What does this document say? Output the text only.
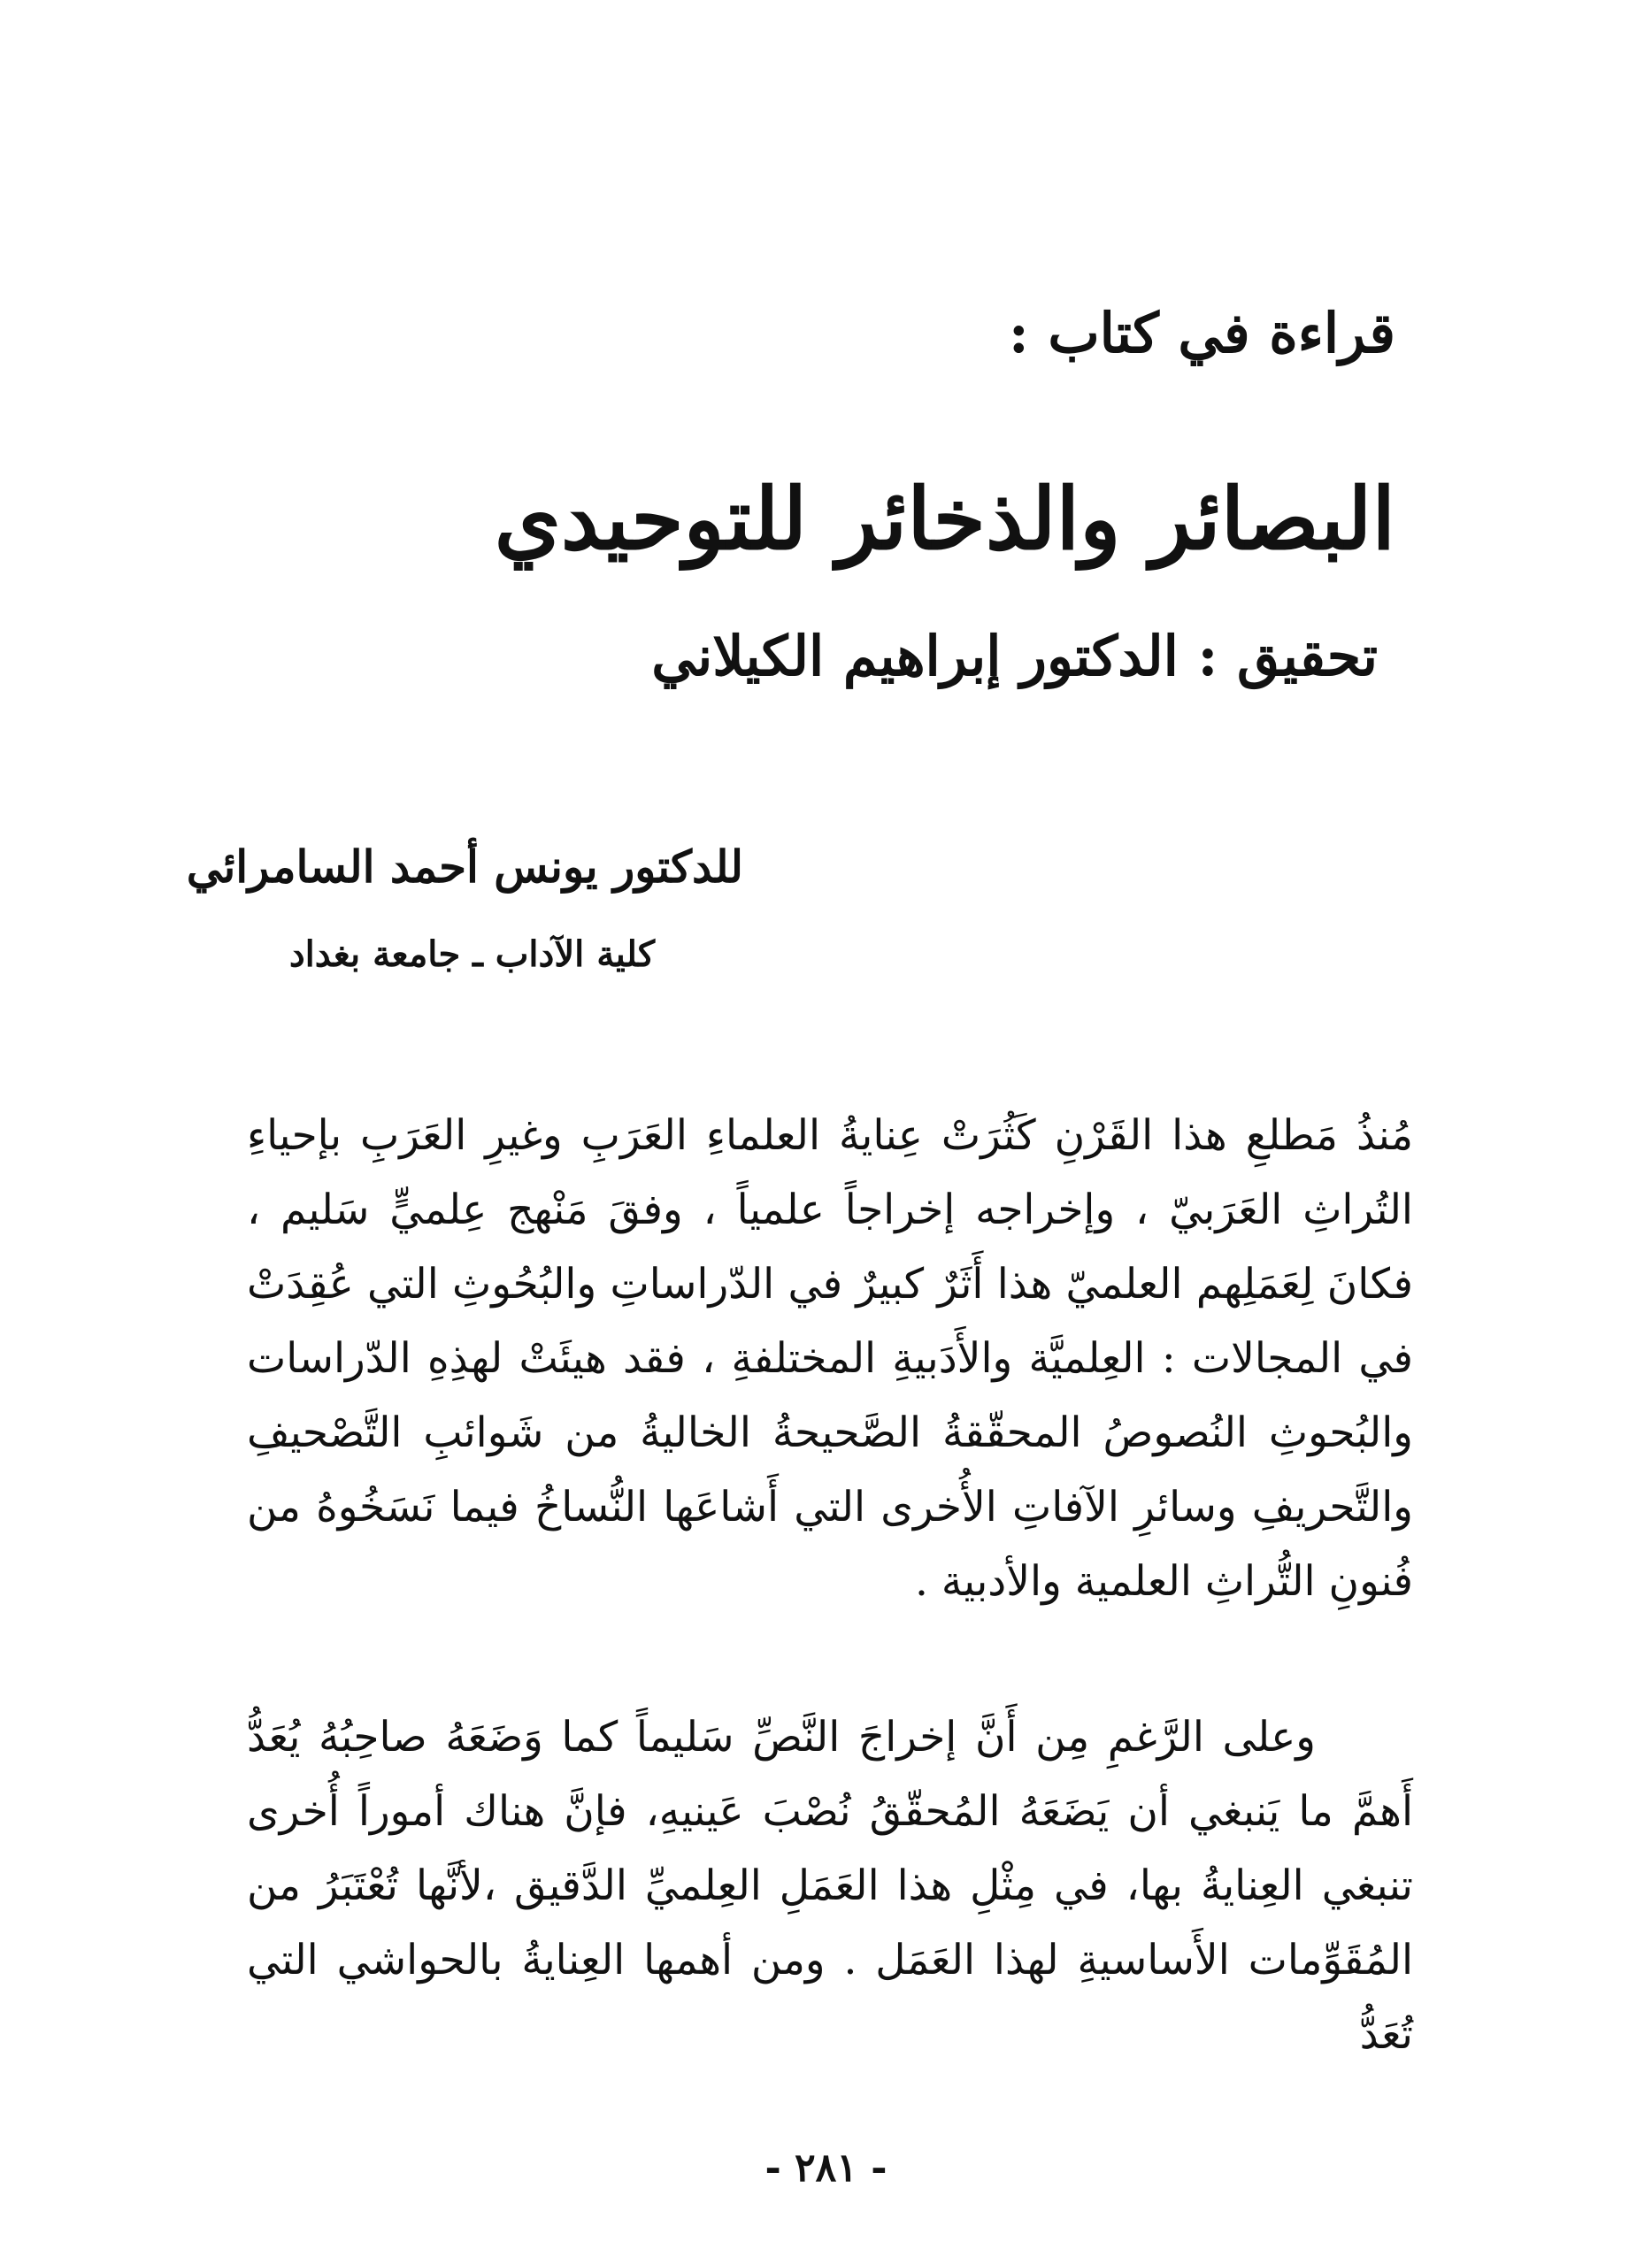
قراءة في كتاب :
البصائر والذخائر للتوحيدي
تحقيق : الدكتور إبراهيم الكيلاني
للدكتور يونس أحمد السامرائي
كلية الآداب ـ جامعة بغداد

مُنذُ مَطلعِ هذا القَرْنِ كَثُرَتْ عِنايةُ العلماءِ العَرَبِ وغيرِ العَرَبِ بإحياءِ التُراثِ العَرَبيّ ، وإخراجه إخراجاً علمياً ، وفقَ مَنْهج عِلميٍّ سَليم ، فكانَ لِعَمَلِهم العلميّ هذا أَثَرٌ كبيرٌ في الدّراساتِ والبُحُوثِ التي عُقِدَتْ في المجالات : العِلميَّة والأَدَبيةِ المختلفةِ ، فقد هيئَتْ لهذِهِ الدّراسات والبُحوثِ النُصوصُ المحقّقةُ الصَّحيحةُ الخاليةُ من شَوائبِ التَّصْحيفِ والتَّحريفِ وسائرِ الآفاتِ الأُخرى التي أَشاعَها النُّساخُ فيما نَسَخُوهُ من فُنونِ التُّراثِ العلمية والأدبية .

وعلى الرَّغمِ مِن أَنَّ إخراجَ النَّصِّ سَليماً كما وَضَعَهُ صاحِبُهُ يُعَدُّ أَهمَّ ما يَنبغي أن يَضَعَهُ المُحقّقُ نُصْبَ عَينيهِ، فإنَّ هناك أموراً أُخرى تنبغي العِنايةُ بها، في مِثْلِ هذا العَمَلِ العِلميِّ الدَّقيق ،لأنَّها تُعْتَبَرُ من المُقَوِّمات الأَساسيةِ لهذا العَمَل . ومن أهمها العِنايةُ بالحواشي التي تُعَدُّ

- ٢٨١ -
